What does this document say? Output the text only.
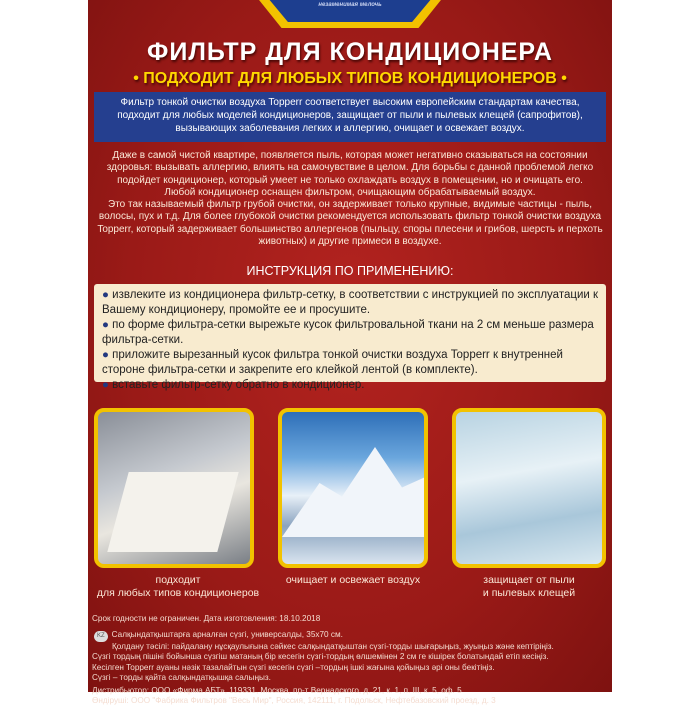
незаменимая мелочь
ФИЛЬТР ДЛЯ КОНДИЦИОНЕРА
• ПОДХОДИТ ДЛЯ ЛЮБЫХ ТИПОВ КОНДИЦИОНЕРОВ •
Фильтр тонкой очистки воздуха Topperr соответствует высоким европейским стандартам качества,
подходит для любых моделей кондиционеров, защищает от пыли и пылевых клещей (сапрофитов),
вызывающих заболевания легких и аллергию, очищает и освежает воздух.
Даже в самой чистой квартире, появляется пыль, которая может негативно сказываться на состоянии
здоровья: вызывать аллергию, влиять на самочувствие в целом. Для борьбы с данной проблемой легко
подойдет кондиционер, который умеет не только охлаждать воздух в помещении, но и очищать его.
Любой кондиционер оснащен фильтром, очищающим обрабатываемый воздух.
Это так называемый фильтр грубой очистки, он задерживает только крупные, видимые частицы - пыль,
волосы, пух и т.д. Для более глубокой очистки рекомендуется использовать фильтр тонкой очистки воздуха
Topperr, который задерживает большинство аллергенов (пыльцу, споры плесени и грибов, шерсть и перхоть
животных) и другие примеси в воздухе.
ИНСТРУКЦИЯ ПО ПРИМЕНЕНИЮ:
● извлеките из кондиционера фильтр-сетку, в соответствии с инструкцией по эксплуатации к Вашему кондиционеру, промойте ее и просушите.
● по форме фильтра-сетки вырежьте кусок фильтровальной ткани на 2 см меньше размера фильтра-сетки.
● приложите вырезанный кусок фильтра тонкой очистки воздуха Topperr к внутренней стороне фильтра-сетки и закрепите его клейкой лентой (в комплекте).
● вставьте фильтр-сетку обратно в кондиционер.
подходит
для любых типов кондиционеров
очищает и освежает воздух	защищает от пыли
и пылевых клещей
Срок годности не ограничен. Дата изготовления: 18.10.2018
KZ Салқындатқыштарға арналған сүзгі, универсалды, 35х70 см.
Қолдану тәсілі: пайдалану нұсқаулығына сәйкес салқындатқыштан сүзгі-торды шығарыңыз, жуыңыз және кептіріңіз.
Сүзгі тордың пішіні бойынша сүзгіш матаның бір кесегін сүзгі-тордың өлшемінен 2 см ге кішірек болатындай етіп кесіңіз.
Кесілген Topperr ауаны нәзік тазалайтын сүзгі кесегін сүзгі –тордың ішкі жағына қойыңыз әрі оны бекітіңіз.
Сүзгі – торды қайта салқындатқышқа салыңыз.
Дистрибьютор: ООО «Фирма АБТ», 119331, Москва, пр-т Вернадского, д. 21, к. 1, п. III, к. 5, оф. 5
Өндіруші: ООО "Фабрика Фильтров "Весь Мир", Россия, 142111, г. Подольск, Нефтебазовский проезд, д. 3
